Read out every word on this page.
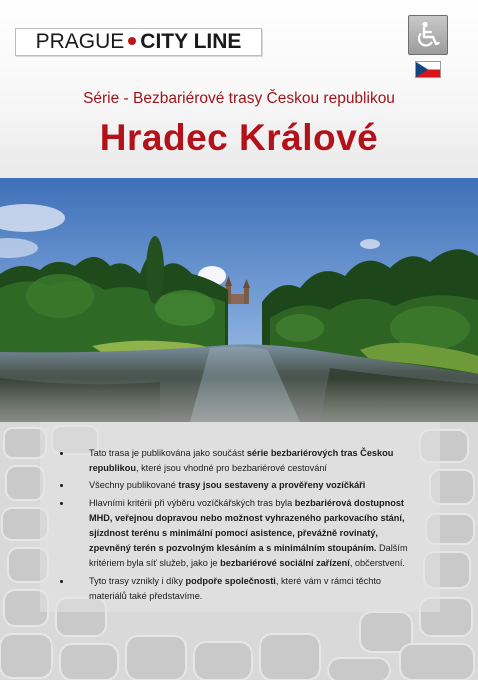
PRAGUE CITY LINE
Série - Bezbariérové trasy Českou republikou
Hradec Králové
Tato trasa je publikována jako součást série bezbariérových tras Českou republikou, které jsou vhodné pro bezbariérové cestování
Všechny publikované trasy jsou sestaveny a prověřeny vozíčkáři
Hlavními kritérii při výběru vozíčkářských tras byla bezbariérová dostupnost MHD, veřejnou dopravou nebo možnost vyhrazeného parkovacího stání, sjízdnost terénu s minimální pomocí asistence, převážně rovinatý, zpevněný terén s pozvolným klesáním a s minimálním stoupáním. Dalším kritériem byla síť služeb, jako je bezbariérové sociální zařízení, občerstvení.
Tyto trasy vznikly i díky podpoře společnosti, které vám v rámci těchto materiálů také představíme.
